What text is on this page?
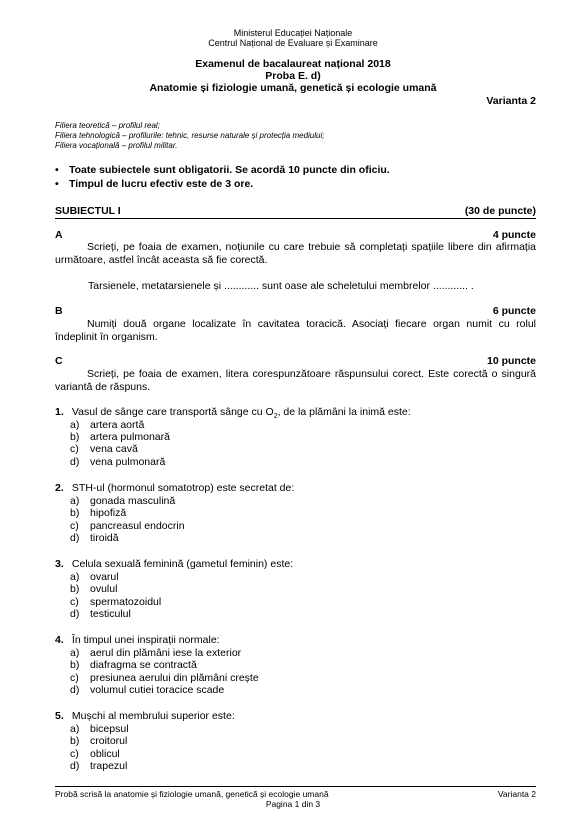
Ministerul Educației Naționale
Centrul Național de Evaluare și Examinare
Examenul de bacalaureat național 2018
Proba E. d)
Anatomie și fiziologie umană, genetică și ecologie umană
Varianta 2
Filiera teoretică – profilul real;
Filiera tehnologică – profilurile: tehnic, resurse naturale și protecția mediului;
Filiera vocațională – profilul militar.
• Toate subiectele sunt obligatorii. Se acordă 10 puncte din oficiu.
• Timpul de lucru efectiv este de 3 ore.
SUBIECTUL I	(30 de puncte)
A	4 puncte
Scrieți, pe foaia de examen, noțiunile cu care trebuie să completați spațiile libere din afirmația următoare, astfel încât aceasta să fie corectă.
Tarsienele, metatarsienele și ............ sunt oase ale scheletului membrelor ............ .
B	6 puncte
Numiți două organe localizate în cavitatea toracică. Asociați fiecare organ numit cu rolul îndeplinit în organism.
C	10 puncte
Scrieți, pe foaia de examen, litera corespunzătoare răspunsului corect. Este corectă o singură variantă de răspuns.
1. Vasul de sânge care transportă sânge cu $O_2$, de la plămâni la inimă este:
a) artera aortă
b) artera pulmonară
c) vena cavă
d) vena pulmonară
2. STH-ul (hormonul somatotrop) este secretat de:
a) gonada masculină
b) hipofiză
c) pancreasul endocrin
d) tiroidă
3. Celula sexuală feminină (gametul feminin) este:
a) ovarul
b) ovulul
c) spermatozoidul
d) testiculul
4. În timpul unei inspirații normale:
a) aerul din plămâni iese la exterior
b) diafragma se contractă
c) presiunea aerului din plămâni crește
d) volumul cutiei toracice scade
5. Mușchi al membrului superior este:
a) bicepsul
b) croitorul
c) oblicul
d) trapezul
Probă scrisă la anatomie și fiziologie umană, genetică și ecologie umană	Varianta 2
Pagina 1 din 3
